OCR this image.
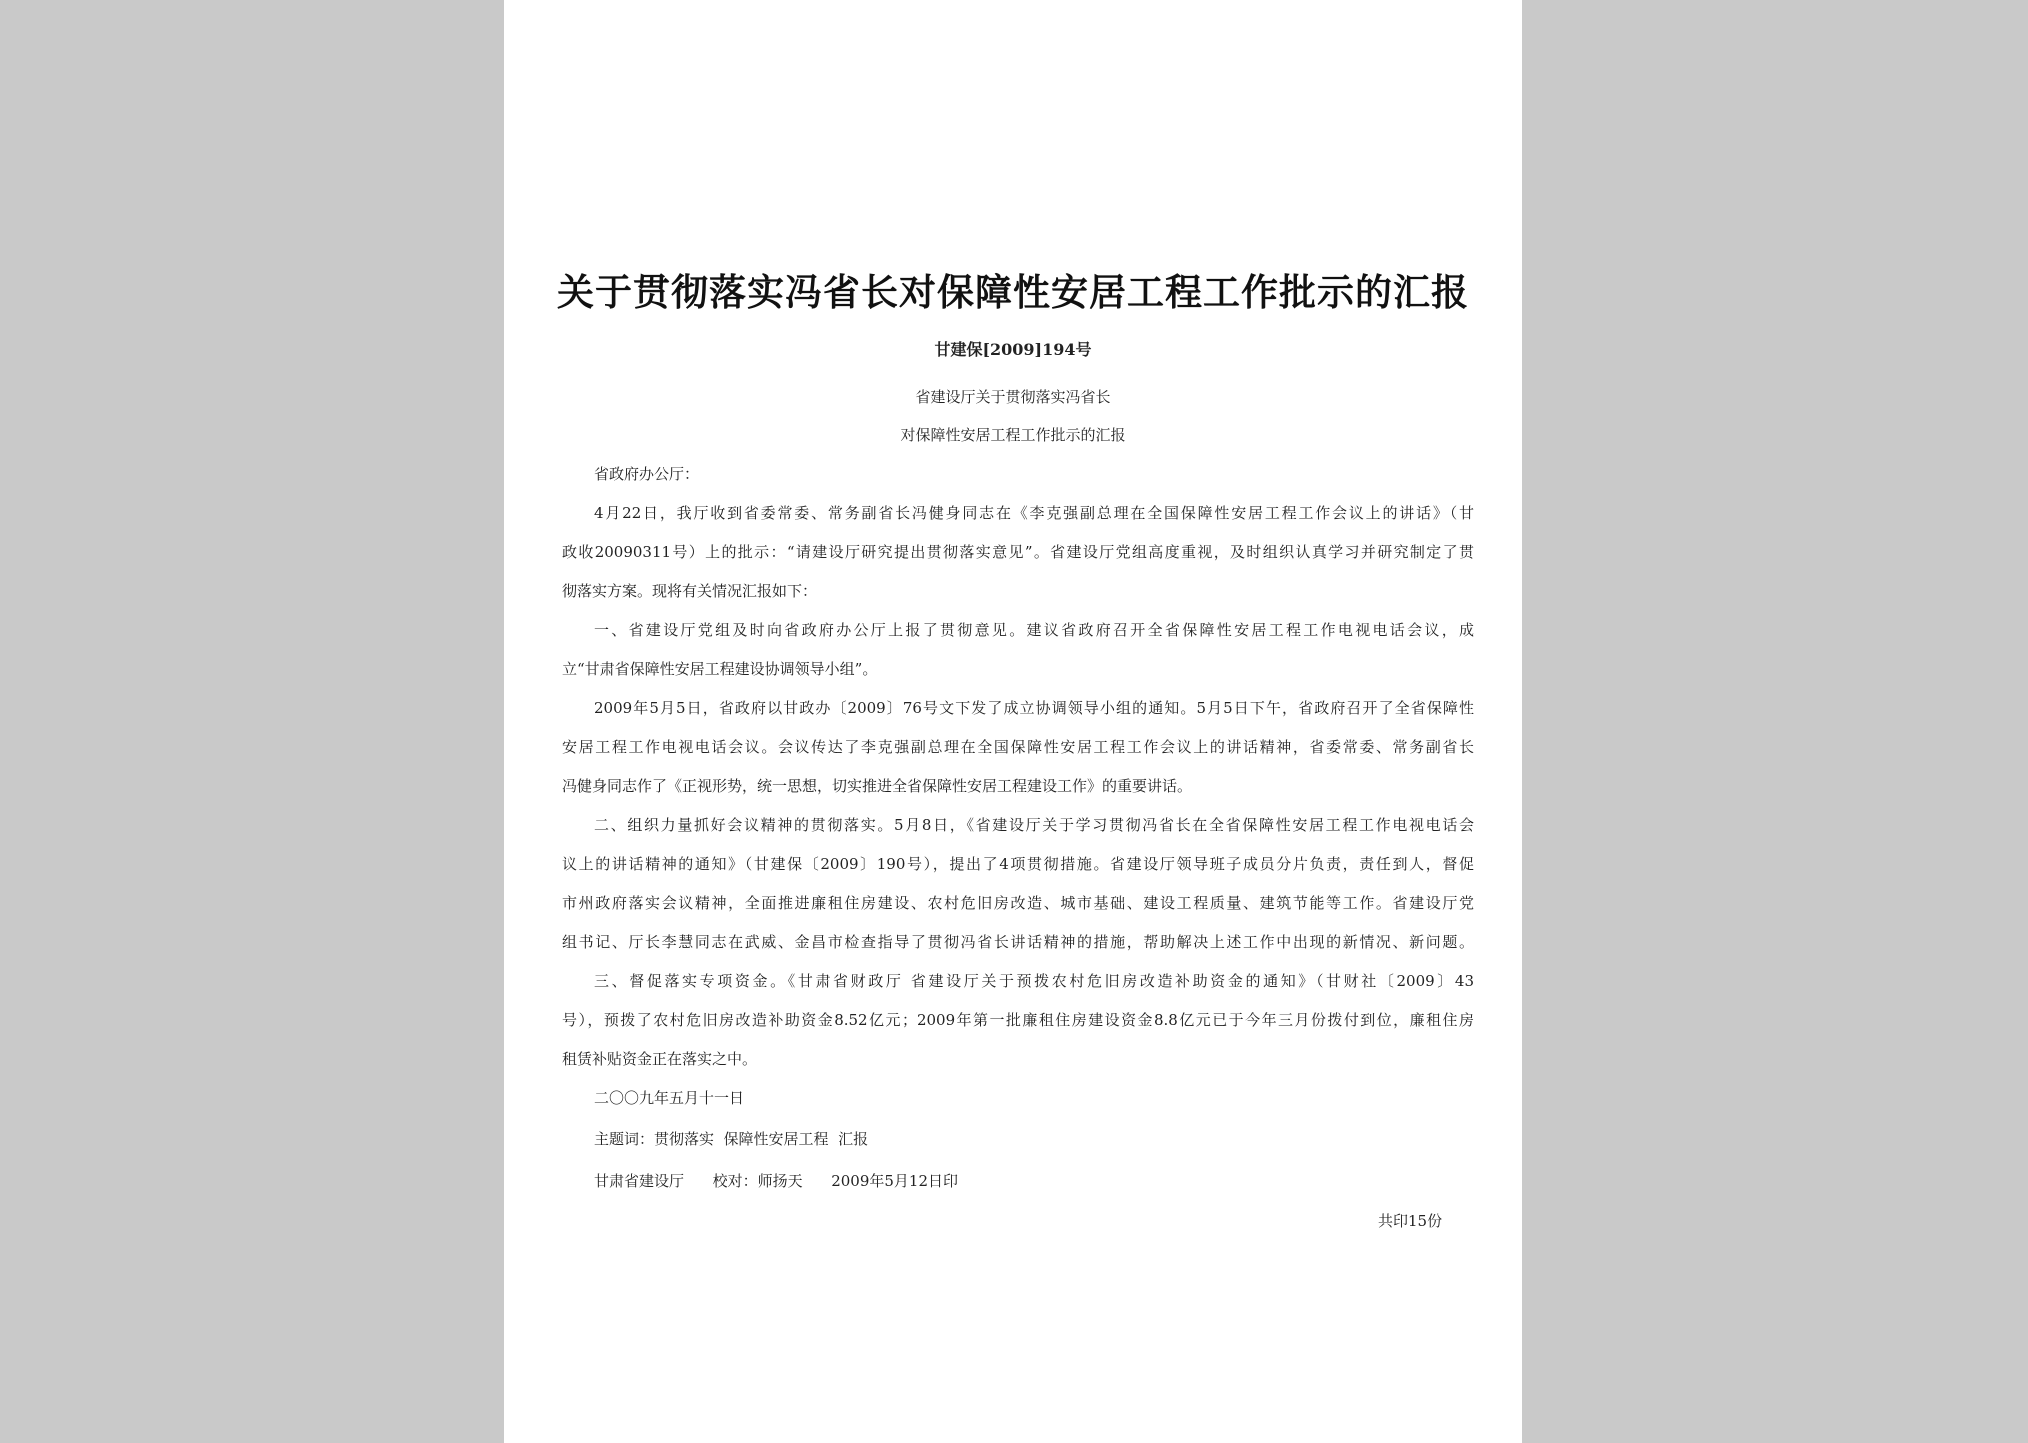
关于贯彻落实冯省长对保障性安居工程工作批示的汇报
甘建保[2009]194号
省建设厅关于贯彻落实冯省长
对保障性安居工程工作批示的汇报
省政府办公厅：
4月22日，我厅收到省委常委、常务副省长冯健身同志在《李克强副总理在全国保障性安居工程工作会议上的讲话》（甘
政收20090311号）上的批示：“请建设厅研究提出贯彻落实意见”。省建设厅党组高度重视，及时组织认真学习并研究制定了贯
彻落实方案。现将有关情况汇报如下：
一、省建设厅党组及时向省政府办公厅上报了贯彻意见。建议省政府召开全省保障性安居工程工作电视电话会议，成
立“甘肃省保障性安居工程建设协调领导小组”。
2009年5月5日，省政府以甘政办〔2009〕76号文下发了成立协调领导小组的通知。5月5日下午，省政府召开了全省保障性
安居工程工作电视电话会议。会议传达了李克强副总理在全国保障性安居工程工作会议上的讲话精神，省委常委、常务副省长
冯健身同志作了《正视形势，统一思想，切实推进全省保障性安居工程建设工作》的重要讲话。
二、组织力量抓好会议精神的贯彻落实。5月8日，《省建设厅关于学习贯彻冯省长在全省保障性安居工程工作电视电话会
议上的讲话精神的通知》（甘建保〔2009〕190号），提出了4项贯彻措施。省建设厅领导班子成员分片负责，责任到人，督促
市州政府落实会议精神，全面推进廉租住房建设、农村危旧房改造、城市基础、建设工程质量、建筑节能等工作。省建设厅党
组书记、厅长李慧同志在武威、金昌市检查指导了贯彻冯省长讲话精神的措施，帮助解决上述工作中出现的新情况、新问题。
三、督促落实专项资金。《甘肃省财政厅 省建设厅关于预拨农村危旧房改造补助资金的通知》（甘财社〔2009〕43
号），预拨了农村危旧房改造补助资金8.52亿元；2009年第一批廉租住房建设资金8.8亿元已于今年三月份拨付到位，廉租住房
租赁补贴资金正在落实之中。
二〇〇九年五月十一日
主题词：贯彻落实  保障性安居工程  汇报
甘肃省建设厅      校对：师扬天      2009年5月12日印
共印15份
